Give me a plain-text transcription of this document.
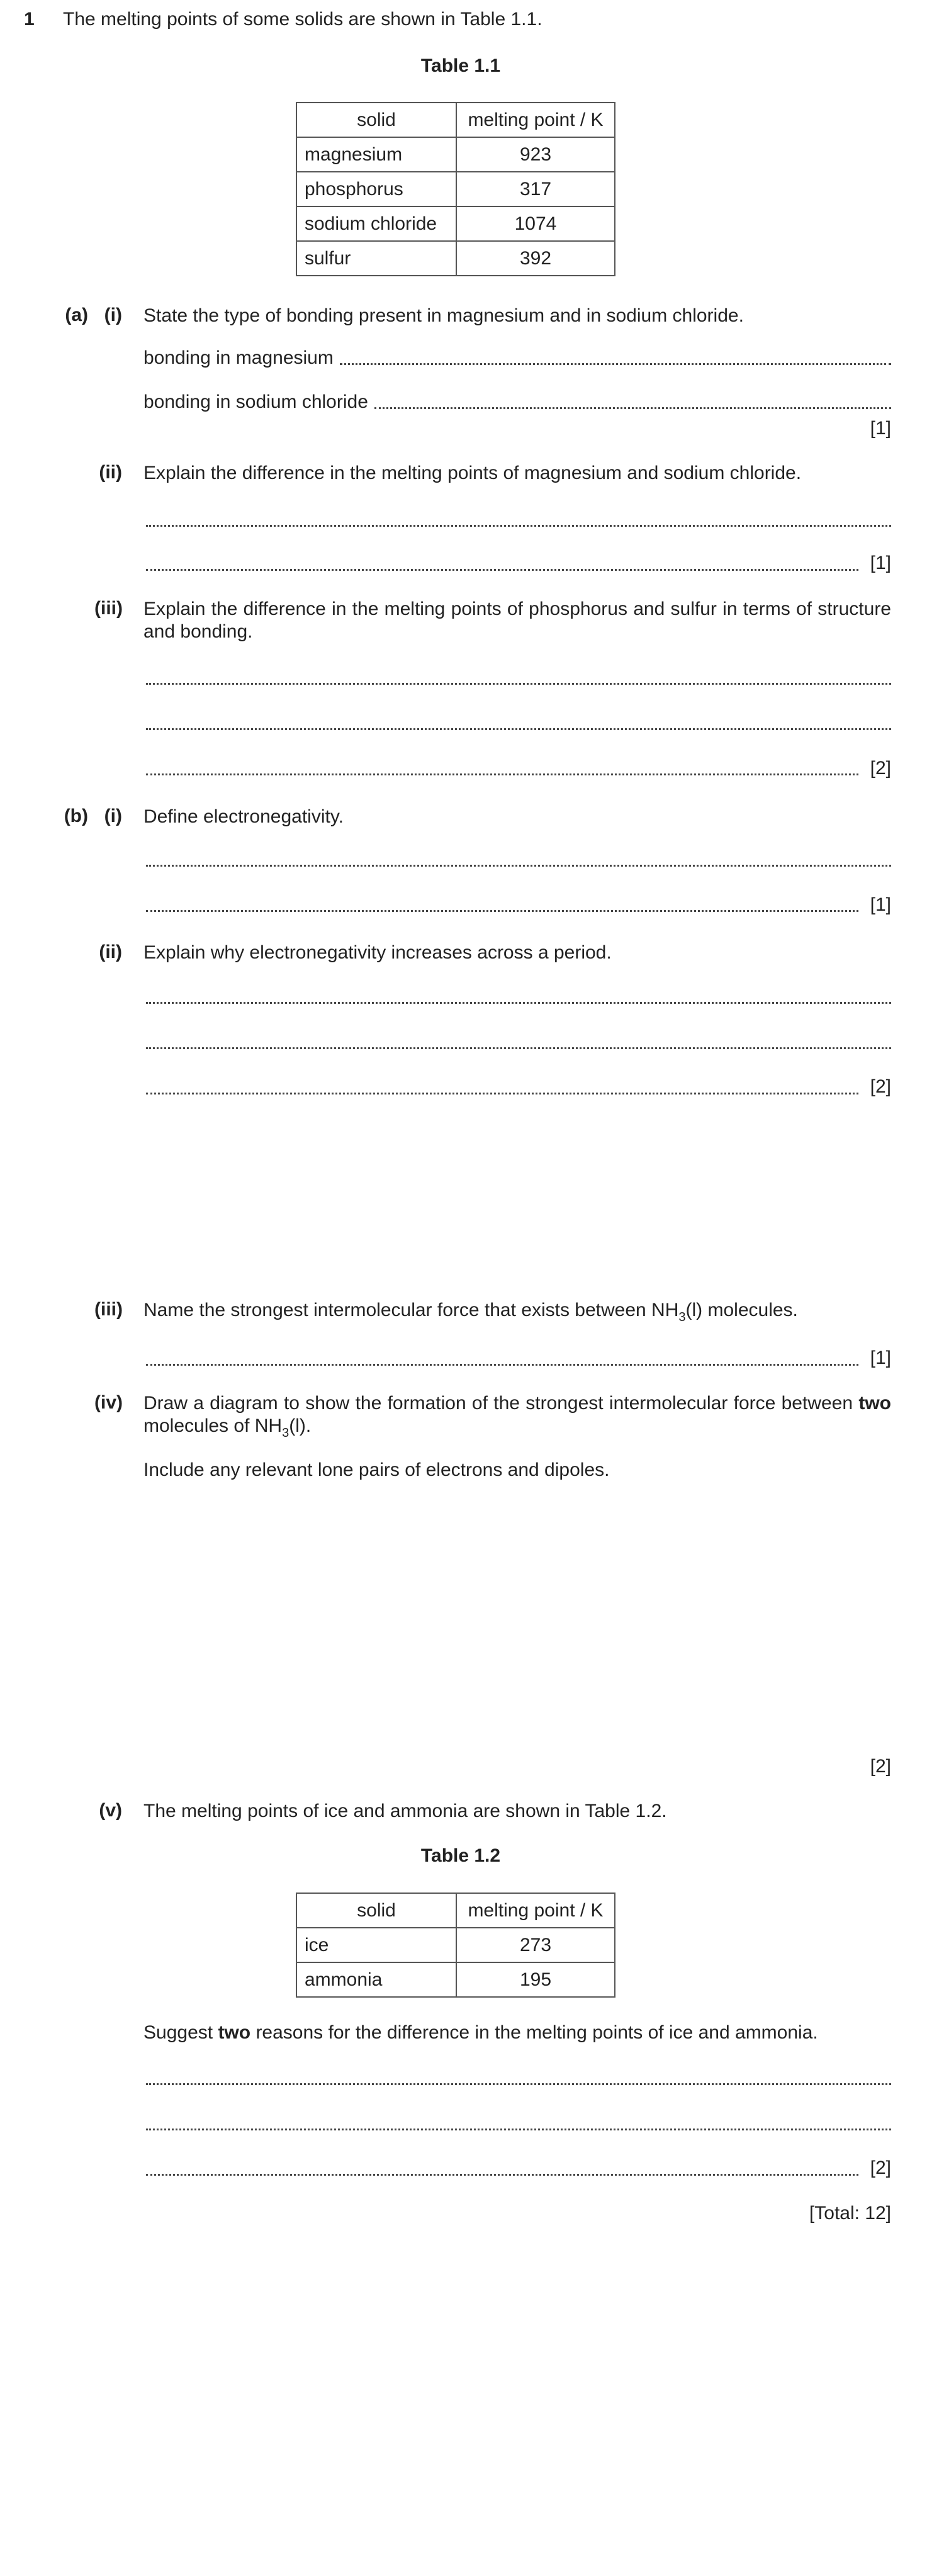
1 The melting points of some solids are shown in Table 1.1.
Table 1.1
solid	melting point / K
magnesium	923
phosphorus	317
sodium chloride	1074
sulfur	392
(a) (i) State the type of bonding present in magnesium and in sodium chloride.
bonding in magnesium
bonding in sodium chloride
[1]
(ii) Explain the difference in the melting points of magnesium and sodium chloride.
[1]
(iii) Explain the difference in the melting points of phosphorus and sulfur in terms of structure and bonding.
[2]
(b) (i) Define electronegativity.
[1]
(ii) Explain why electronegativity increases across a period.
[2]
(iii) Name the strongest intermolecular force that exists between $NH_3(l)$ molecules.
[1]
(iv) Draw a diagram to show the formation of the strongest intermolecular force between two molecules of $NH_3(l)$.
Include any relevant lone pairs of electrons and dipoles.
[2]
(v) The melting points of ice and ammonia are shown in Table 1.2.
Table 1.2
solid	melting point / K
ice	273
ammonia	195
Suggest two reasons for the difference in the melting points of ice and ammonia.
[2]
[Total: 12]
